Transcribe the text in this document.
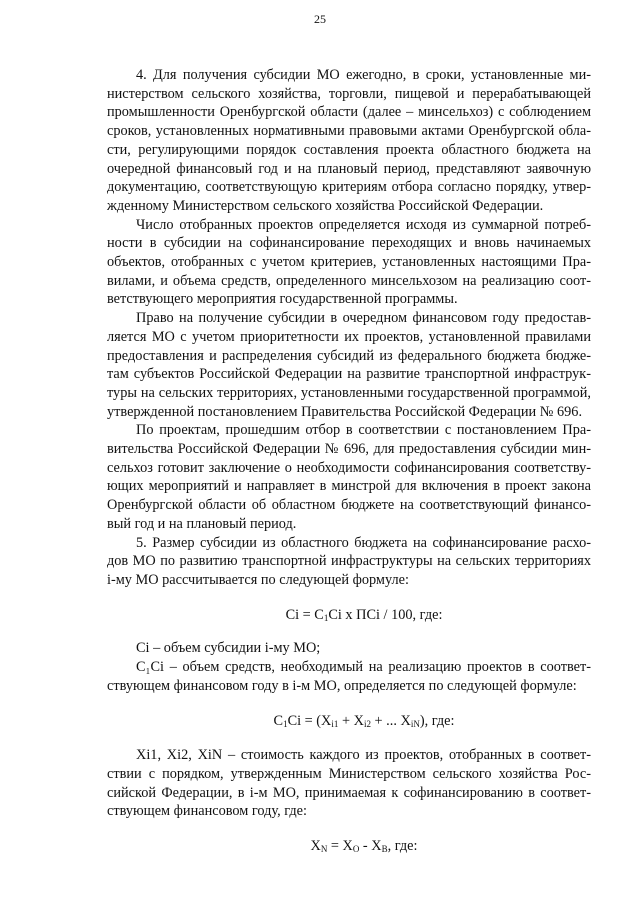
25

4. Для получения субсидии МО ежегодно, в сроки, установленные министерством сельского хозяйства, торговли, пищевой и перерабатывающей промышленности Оренбургской области (далее – минсельхоз) с соблюдением сроков, установленных нормативными правовыми актами Оренбургской области, регулирующими порядок составления проекта областного бюджета на очередной финансовый год и на плановый период, представляют заявочную документацию, соответствующую критериям отбора согласно порядку, утвержденному Министерством сельского хозяйства Российской Федерации.

Число отобранных проектов определяется исходя из суммарной потребности в субсидии на софинансирование переходящих и вновь начинаемых объектов, отобранных с учетом критериев, установленных настоящими Правилами, и объема средств, определенного минсельхозом на реализацию соответствующего мероприятия государственной программы.

Право на получение субсидии в очередном финансовом году предоставляется МО с учетом приоритетности их проектов, установленной правилами предоставления и распределения субсидий из федерального бюджета бюджетам субъектов Российской Федерации на развитие транспортной инфраструктуры на сельских территориях, установленными государственной программой, утвержденной постановлением Правительства Российской Федерации № 696.

По проектам, прошедшим отбор в соответствии с постановлением Правительства Российской Федерации № 696, для предоставления субсидии минсельхоз готовит заключение о необходимости софинансирования соответствующих мероприятий и направляет в минстрой для включения в проект закона Оренбургской области об областном бюджете на соответствующий финансовый год и на плановый период.

5. Размер субсидии из областного бюджета на софинансирование расходов МО по развитию транспортной инфраструктуры на сельских территориях i-му МО рассчитывается по следующей формуле:

$Ci = C_1Ci$ x ПСi / 100, где:

Ci – объем субсидии i-му МО;

C₁Ci – объем средств, необходимый на реализацию проектов в соответствующем финансовом году в i-м МО, определяется по следующей формуле:

$C_1Ci = (X_{i1} + X_{i2}$ + ... $X_{iN}$), где:

Xi1, Xi2, XiN – стоимость каждого из проектов, отобранных в соответствии с порядком, утвержденным Министерством сельского хозяйства Российской Федерации, в i-м МО, принимаемая к софинансированию в соответствующем финансовом году, где:

$X_N = X_O - X_B$, где:
